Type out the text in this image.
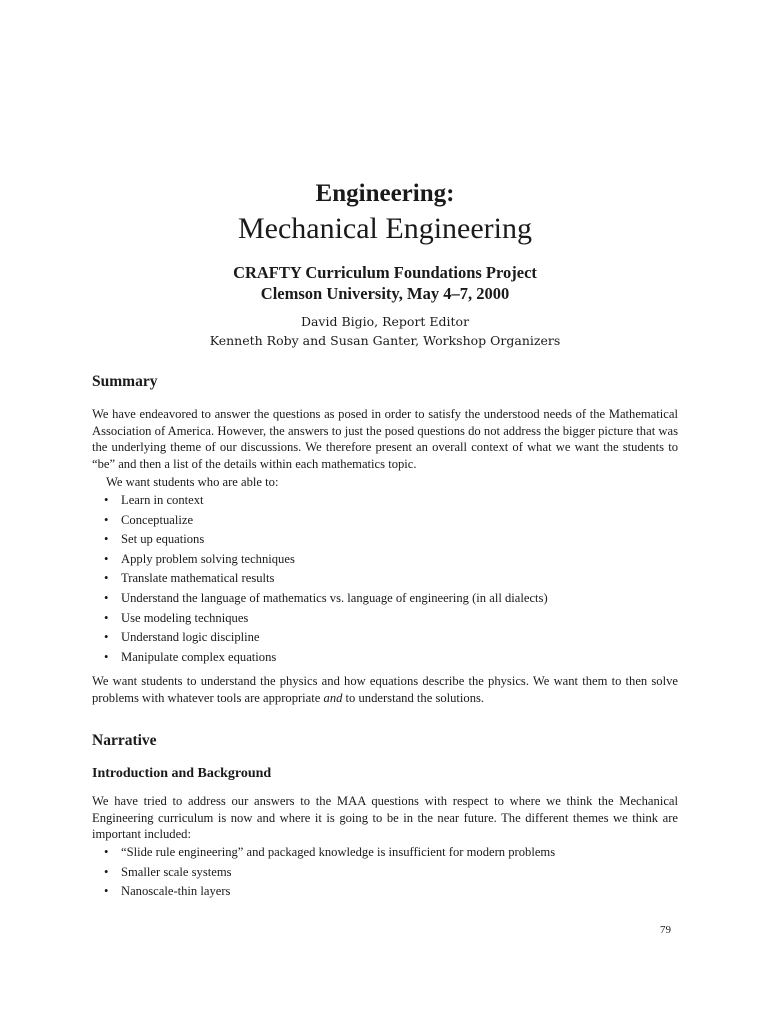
Engineering:
Mechanical Engineering
CRAFTY Curriculum Foundations Project
Clemson University, May 4–7, 2000
David Bigio, Report Editor
Kenneth Roby and Susan Ganter, Workshop Organizers
Summary
We have endeavored to answer the questions as posed in order to satisfy the understood needs of the Mathematical Association of America. However, the answers to just the posed questions do not address the bigger picture that was the underlying theme of our discussions. We therefore present an overall context of what we want the students to “be” and then a list of the details within each mathematics topic.
We want students who are able to:
• Learn in context
• Conceptualize
• Set up equations
• Apply problem solving techniques
• Translate mathematical results
• Understand the language of mathematics vs. language of engineering (in all dialects)
• Use modeling techniques
• Understand logic discipline
• Manipulate complex equations
We want students to understand the physics and how equations describe the physics. We want them to then solve problems with whatever tools are appropriate and to understand the solutions.
Narrative
Introduction and Background
We have tried to address our answers to the MAA questions with respect to where we think the Mechanical Engineering curriculum is now and where it is going to be in the near future. The different themes we think are important included:
• “Slide rule engineering” and packaged knowledge is insufficient for modern problems
• Smaller scale systems
• Nanoscale-thin layers
79
